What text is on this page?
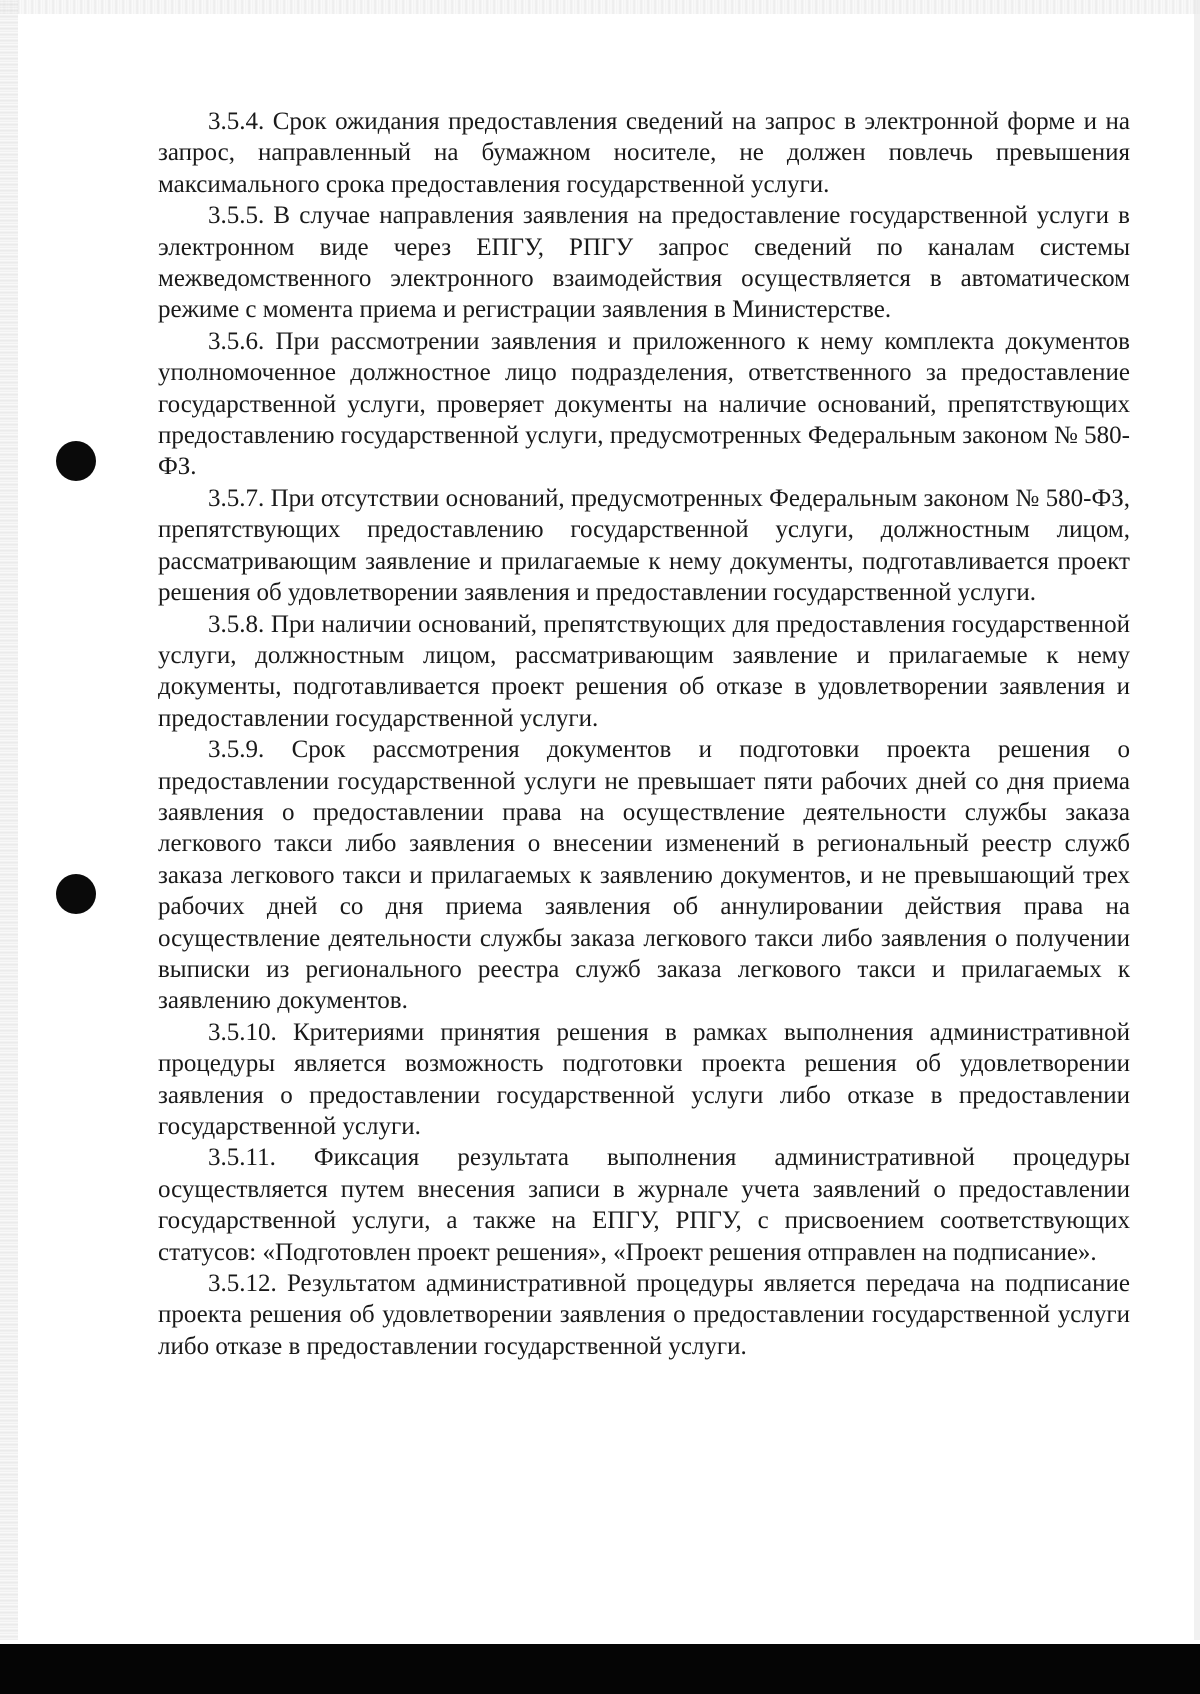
3.5.4. Срок ожидания предоставления сведений на запрос в электронной форме и на запрос, направленный на бумажном носителе, не должен повлечь превышения максимального срока предоставления государственной услуги.

3.5.5. В случае направления заявления на предоставление государственной услуги в электронном виде через ЕПГУ, РПГУ запрос сведений по каналам системы межведомственного электронного взаимодействия осуществляется в автоматическом режиме с момента приема и регистрации заявления в Министерстве.

3.5.6. При рассмотрении заявления и приложенного к нему комплекта документов уполномоченное должностное лицо подразделения, ответственного за предоставление государственной услуги, проверяет документы на наличие оснований, препятствующих предоставлению государственной услуги, предусмотренных Федеральным законом № 580-ФЗ.

3.5.7. При отсутствии оснований, предусмотренных Федеральным законом № 580-ФЗ, препятствующих предоставлению государственной услуги, должностным лицом, рассматривающим заявление и прилагаемые к нему документы, подготавливается проект решения об удовлетворении заявления и предоставлении государственной услуги.

3.5.8. При наличии оснований, препятствующих для предоставления государственной услуги, должностным лицом, рассматривающим заявление и прилагаемые к нему документы, подготавливается проект решения об отказе в удовлетворении заявления и предоставлении государственной услуги.

3.5.9. Срок рассмотрения документов и подготовки проекта решения о предоставлении государственной услуги не превышает пяти рабочих дней со дня приема заявления о предоставлении права на осуществление деятельности службы заказа легкового такси либо заявления о внесении изменений в региональный реестр служб заказа легкового такси и прилагаемых к заявлению документов, и не превышающий трех рабочих дней со дня приема заявления об аннулировании действия права на осуществление деятельности службы заказа легкового такси либо заявления о получении выписки из регионального реестра служб заказа легкового такси и прилагаемых к заявлению документов.

3.5.10. Критериями принятия решения в рамках выполнения административной процедуры является возможность подготовки проекта решения об удовлетворении заявления о предоставлении государственной услуги либо отказе в предоставлении государственной услуги.

3.5.11. Фиксация результата выполнения административной процедуры осуществляется путем внесения записи в журнале учета заявлений о предоставлении государственной услуги, а также на ЕПГУ, РПГУ, с присвоением соответствующих статусов: «Подготовлен проект решения», «Проект решения отправлен на подписание».

3.5.12. Результатом административной процедуры является передача на подписание проекта решения об удовлетворении заявления о предоставлении государственной услуги либо отказе в предоставлении государственной услуги.
